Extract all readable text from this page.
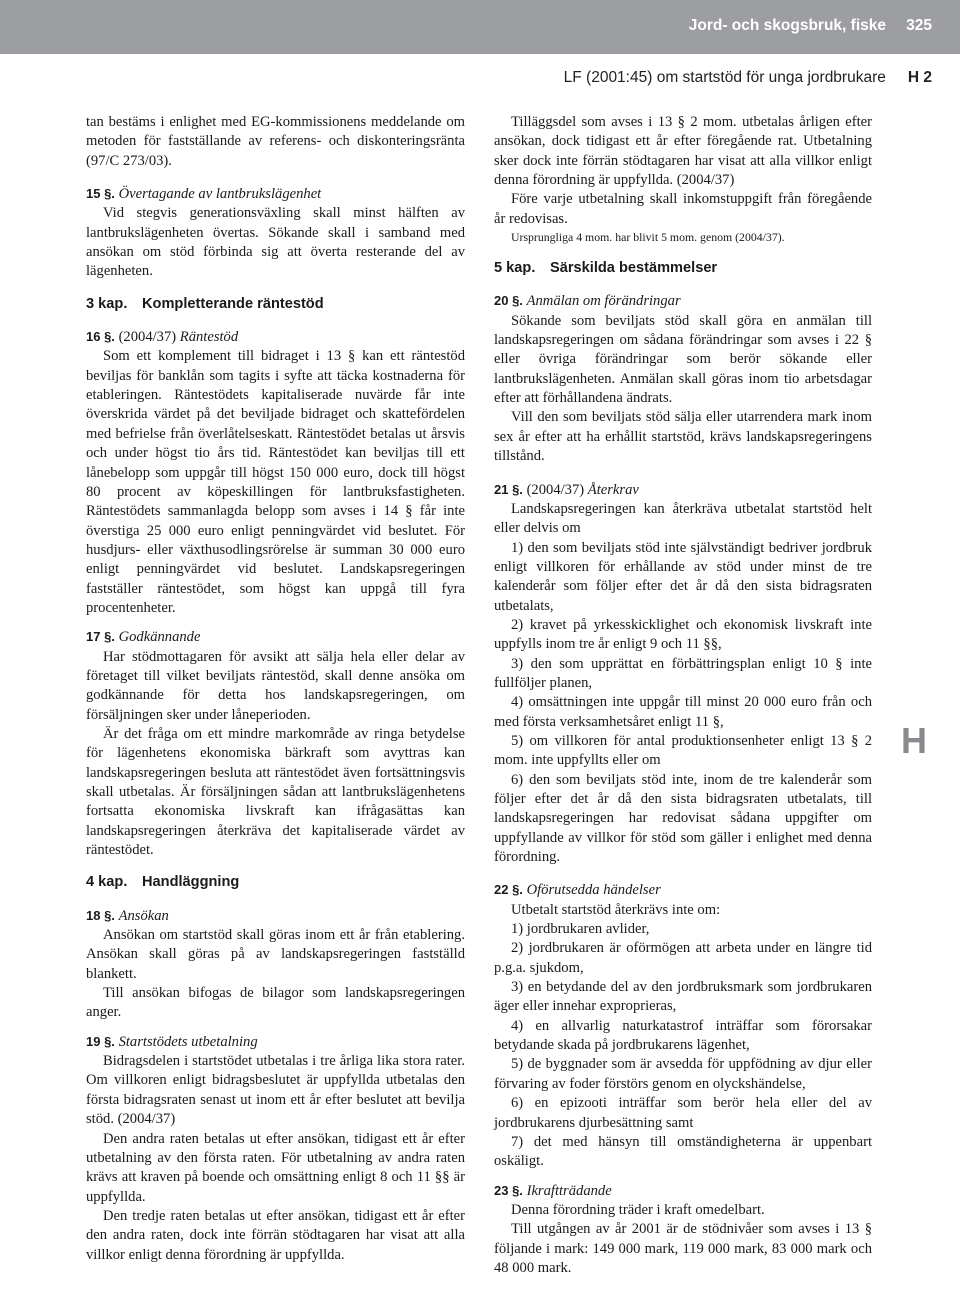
Jord- och skogsbruk, fiske 325
LF (2001:45) om startstöd för unga jordbrukare H 2
H

tan bestäms i enlighet med EG-kommissionens meddelande om metoden för fastställande av referens- och diskonteringsränta (97/C 273/03).

15 §. Övertagande av lantbrukslägenhet

Vid stegvis generationsväxling skall minst hälften av lantbrukslägenheten övertas. Sökande skall i samband med ansökan om stöd förbinda sig att överta resterande del av lägenheten.

3 kap. Kompletterande räntestöd

16 §. (2004/37) Räntestöd

Som ett komplement till bidraget i 13 § kan ett räntestöd beviljas för banklån som tagits i syfte att täcka kostnaderna för etableringen. Räntestödets kapitaliserade nuvärde får inte överskrida värdet på det beviljade bidraget och skattefördelen med befrielse från överlåtelseskatt. Räntestödet betalas ut årsvis och under högst tio års tid. Räntestödet kan beviljas till ett lånebelopp som uppgår till högst 150 000 euro, dock till högst 80 procent av köpeskillingen för lantbruksfastigheten. Räntestödets sammanlagda belopp som avses i 14 § får inte överstiga 25 000 euro enligt penningvärdet vid beslutet. För husdjurs- eller växthusodlingsrörelse är summan 30 000 euro enligt penningvärdet vid beslutet. Landskapsregeringen fastställer räntestödet, som högst kan uppgå till fyra procentenheter.

17 §. Godkännande

Har stödmottagaren för avsikt att sälja hela eller delar av företaget till vilket beviljats räntestöd, skall denne ansöka om godkännande för detta hos landskapsregeringen, om försäljningen sker under låneperioden.

Är det fråga om ett mindre markområde av ringa betydelse för lägenhetens ekonomiska bärkraft som avyttras kan landskapsregeringen besluta att räntestödet även fortsättningsvis skall utbetalas. Är försäljningen sådan att lantbrukslägenhetens fortsatta ekonomiska livskraft kan ifrågasättas kan landskapsregeringen återkräva det kapitaliserade värdet av räntestödet.

4 kap. Handläggning

18 §. Ansökan

Ansökan om startstöd skall göras inom ett år från etablering. Ansökan skall göras på av landskapsregeringen fastställd blankett.

Till ansökan bifogas de bilagor som landskapsregeringen anger.

19 §. Startstödets utbetalning

Bidragsdelen i startstödet utbetalas i tre årliga lika stora rater. Om villkoren enligt bidragsbeslutet är uppfyllda utbetalas den första bidragsraten senast ut inom ett år efter beslutet att bevilja stöd. (2004/37)

Den andra raten betalas ut efter ansökan, tidigast ett år efter utbetalning av den första raten. För utbetalning av andra raten krävs att kraven på boende och omsättning enligt 8 och 11 §§ är uppfyllda.

Den tredje raten betalas ut efter ansökan, tidigast ett år efter den andra raten, dock inte förrän stödtagaren har visat att alla villkor enligt denna förordning är uppfyllda.

Tilläggsdel som avses i 13 § 2 mom. utbetalas årligen efter ansökan, dock tidigast ett år efter föregående rat. Utbetalning sker dock inte förrän stödtagaren har visat att alla villkor enligt denna förordning är uppfyllda. (2004/37)

Före varje utbetalning skall inkomstuppgift från föregående år redovisas.

Ursprungliga 4 mom. har blivit 5 mom. genom (2004/37).

5 kap. Särskilda bestämmelser

20 §. Anmälan om förändringar

Sökande som beviljats stöd skall göra en anmälan till landskapsregeringen om sådana förändringar som avses i 22 § eller övriga förändringar som berör sökande eller lantbrukslägenheten. Anmälan skall göras inom tio arbetsdagar efter att förhållandena ändrats.

Vill den som beviljats stöd sälja eller utarrendera mark inom sex år efter att ha erhållit startstöd, krävs landskapsregeringens tillstånd.

21 §. (2004/37) Återkrav

Landskapsregeringen kan återkräva utbetalat startstöd helt eller delvis om

1) den som beviljats stöd inte självständigt bedriver jordbruk enligt villkoren för erhållande av stöd under minst de tre kalenderår som följer efter det år då den sista bidragsraten utbetalats,

2) kravet på yrkesskicklighet och ekonomisk livskraft inte uppfylls inom tre år enligt 9 och 11 §§,

3) den som upprättat en förbättringsplan enligt 10 § inte fullföljer planen,

4) omsättningen inte uppgår till minst 20 000 euro från och med första verksamhetsåret enligt 11 §,

5) om villkoren för antal produktionsenheter enligt 13 § 2 mom. inte uppfyllts eller om

6) den som beviljats stöd inte, inom de tre kalenderår som följer efter det år då den sista bidragsraten utbetalats, till landskapsregeringen har redovisat sådana uppgifter om uppfyllande av villkor för stöd som gäller i enlighet med denna förordning.

22 §. Oförutsedda händelser

Utbetalt startstöd återkrävs inte om:

1) jordbrukaren avlider,

2) jordbrukaren är oförmögen att arbeta under en längre tid p.g.a. sjukdom,

3) en betydande del av den jordbruksmark som jordbrukaren äger eller innehar exproprieras,

4) en allvarlig naturkatastrof inträffar som förorsakar betydande skada på jordbrukarens lägenhet,

5) de byggnader som är avsedda för uppfödning av djur eller förvaring av foder förstörs genom en olyckshändelse,

6) en epizooti inträffar som berör hela eller del av jordbrukarens djurbesättning samt

7) det med hänsyn till omständigheterna är uppenbart oskäligt.

23 §. Ikraftträdande

Denna förordning träder i kraft omedelbart.

Till utgången av år 2001 är de stödnivåer som avses i 13 § följande i mark: 149 000 mark, 119 000 mark, 83 000 mark och 48 000 mark.
